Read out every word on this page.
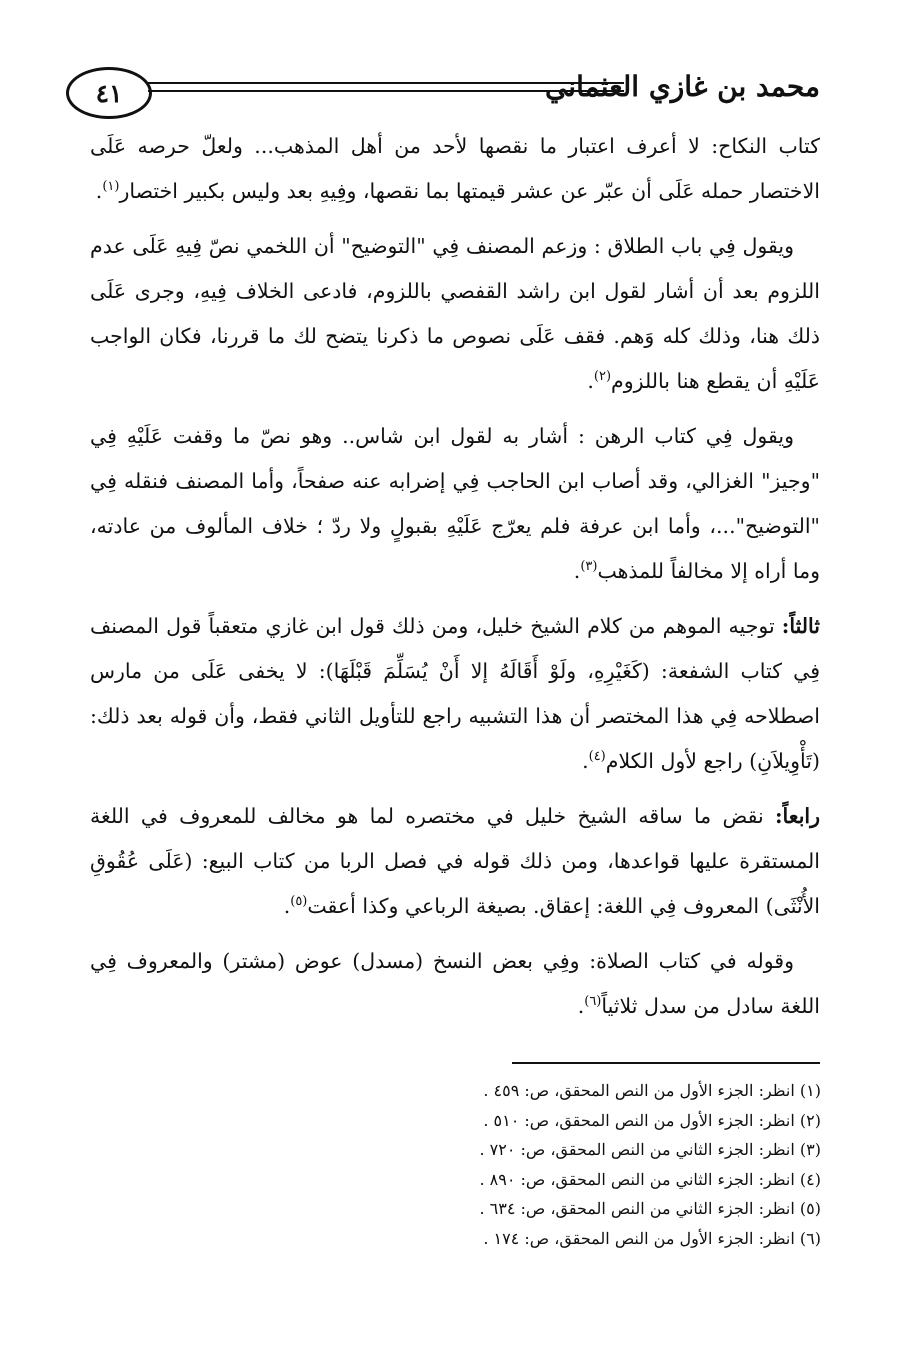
٤١	محمد بن غازي العثماني

كتاب النكاح: لا أعرف اعتبار ما نقصها لأحد من أهل المذهب... ولعلّ حرصه عَلَى الاختصار حمله عَلَى أن عبّر عن عشر قيمتها بما نقصها، وفِيهِ بعد وليس بكبير اختصار$^{(١)}$.

ويقول فِي باب الطلاق : وزعم المصنف فِي "التوضيح" أن اللخمي نصّ فِيهِ عَلَى عدم اللزوم بعد أن أشار لقول ابن راشد القفصي باللزوم، فادعى الخلاف فِيهِ، وجرى عَلَى ذلك هنا، وذلك كله وَهم. فقف عَلَى نصوص ما ذكرنا يتضح لك ما قررنا، فكان الواجب عَلَيْهِ أن يقطع هنا باللزوم$^{(٢)}$.

ويقول فِي كتاب الرهن : أشار به لقول ابن شاس.. وهو نصّ ما وقفت عَلَيْهِ فِي "وجيز" الغزالي، وقد أصاب ابن الحاجب فِي إضرابه عنه صفحاً، وأما المصنف فنقله فِي "التوضيح"...، وأما ابن عرفة فلم يعرّج عَلَيْهِ بقبولٍ ولا ردّ ؛ خلاف المألوف من عادته، وما أراه إلا مخالفاً للمذهب$^{(٣)}$.

ثالثاً: توجيه الموهم من كلام الشيخ خليل، ومن ذلك قول ابن غازي متعقباً قول المصنف فِي كتاب الشفعة: (كَغَيْرِهِ، ولَوْ أَقَالَهُ إلا أَنْ يُسَلِّمَ قَبْلَهَا): لا يخفى عَلَى من مارس اصطلاحه فِي هذا المختصر أن هذا التشبيه راجع للتأويل الثاني فقط، وأن قوله بعد ذلك: (تَأْوِيلاَنِ) راجع لأول الكلام$^{(٤)}$.

رابعاً: نقض ما ساقه الشيخ خليل في مختصره لما هو مخالف للمعروف في اللغة المستقرة عليها قواعدها، ومن ذلك قوله في فصل الربا من كتاب البيع: (عَلَى عُقُوقِ الأُنْثَى) المعروف فِي اللغة: إعقاق. بصيغة الرباعي وكذا أعقت$^{(٥)}$.

وقوله في كتاب الصلاة: وفِي بعض النسخ (مسدل) عوض (مشتر) والمعروف فِي اللغة سادل من سدل ثلاثياً$^{(٦)}$.

(١) انظر: الجزء الأول من النص المحقق، ص: ٤٥٩ .
(٢) انظر: الجزء الأول من النص المحقق، ص: ٥١٠ .
(٣) انظر: الجزء الثاني من النص المحقق، ص: ٧٢٠ .
(٤) انظر: الجزء الثاني من النص المحقق، ص: ٨٩٠ .
(٥) انظر: الجزء الثاني من النص المحقق، ص: ٦٣٤ .
(٦) انظر: الجزء الأول من النص المحقق، ص: ١٧٤ .
